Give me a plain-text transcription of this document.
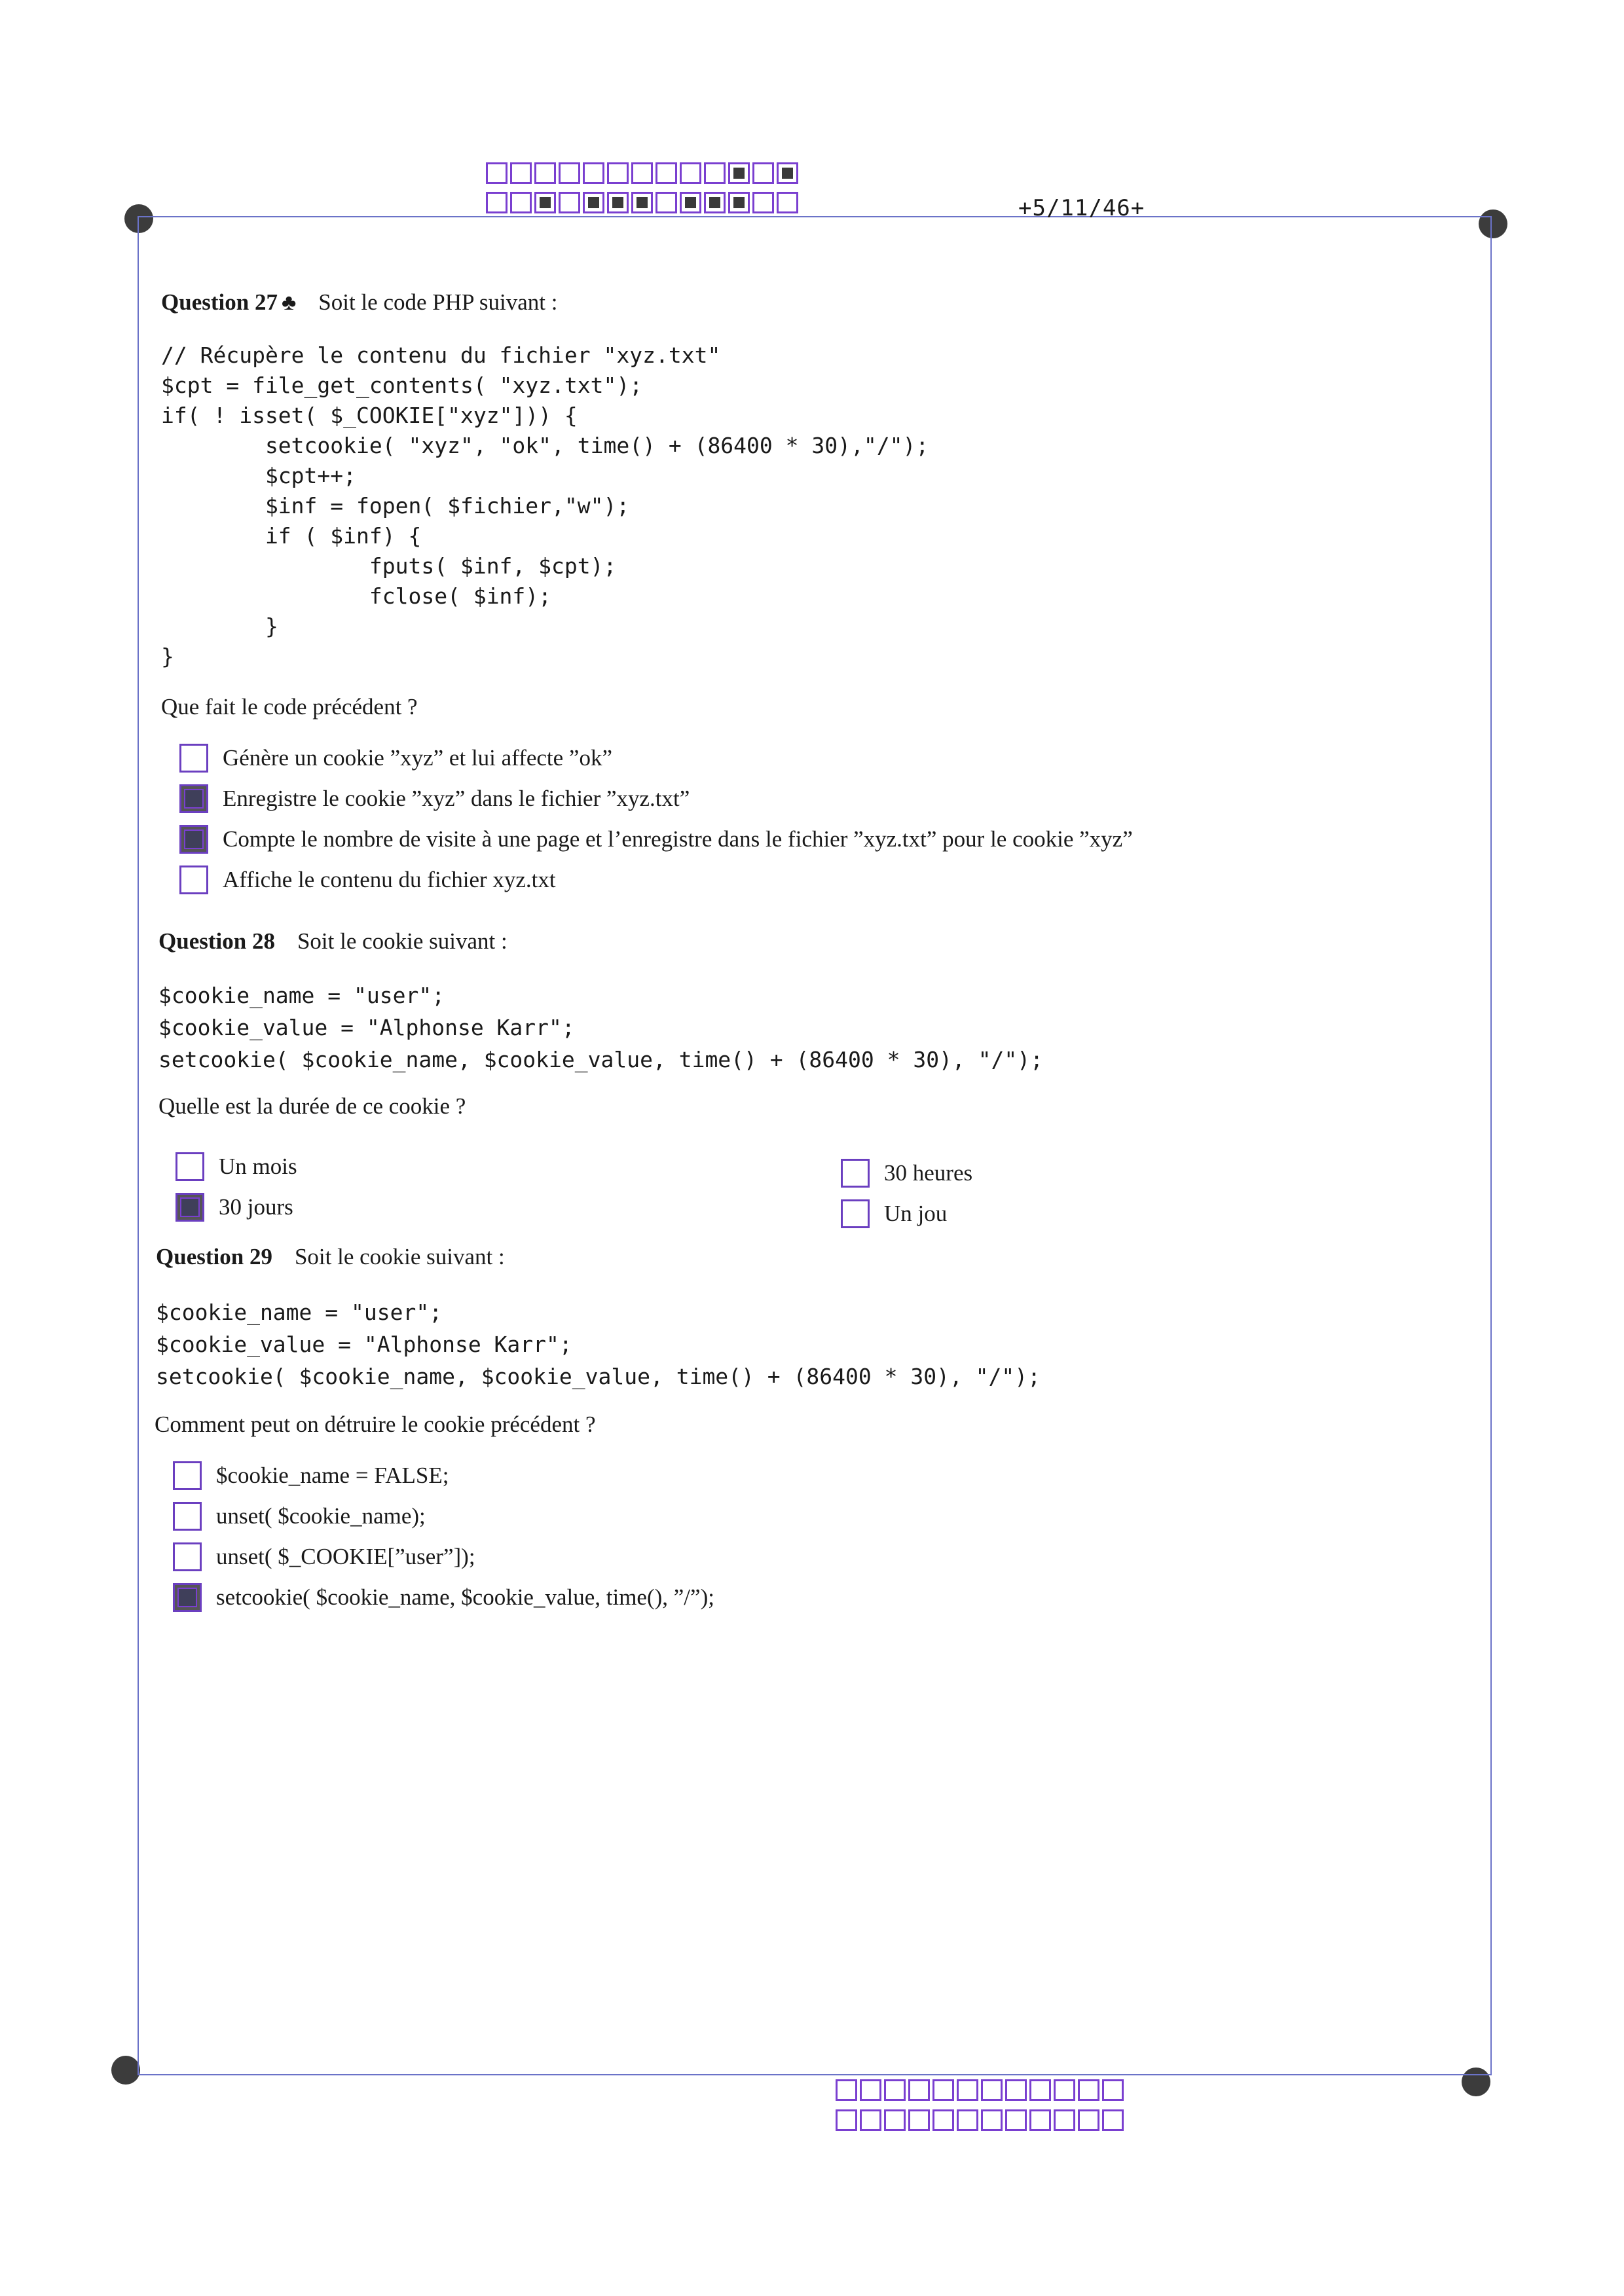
+5/11/46+
Question 27 ♣ Soit le code PHP suivant :
// Récupère le contenu du fichier "xyz.txt"
$cpt = file_get_contents( "xyz.txt");
if( ! isset( $_COOKIE["xyz"])) {
setcookie( "xyz", "ok", time() + (86400 * 30),"/");
$cpt++;
$inf = fopen( $fichier,"w");
if ( $inf) {
fputs( $inf, $cpt);
fclose( $inf);
}
}
Que fait le code précédent ?
Génère un cookie ”xyz” et lui affecte ”ok”
Enregistre le cookie ”xyz” dans le fichier ”xyz.txt”
Compte le nombre de visite à une page et l’enregistre dans le fichier ”xyz.txt” pour le cookie ”xyz”
Affiche le contenu du fichier xyz.txt
Question 28 Soit le cookie suivant :
$cookie_name = "user";
$cookie_value = "Alphonse Karr";
setcookie( $cookie_name, $cookie_value, time() + (86400 * 30), "/");
Quelle est la durée de ce cookie ?
Un mois
30 jours
30 heures
Un jou
Question 29 Soit le cookie suivant :
$cookie_name = "user";
$cookie_value = "Alphonse Karr";
setcookie( $cookie_name, $cookie_value, time() + (86400 * 30), "/");
Comment peut on détruire le cookie précédent ?
$cookie_name = FALSE;
unset( $cookie_name);
unset( $_COOKIE[”user”]);
setcookie( $cookie_name, $cookie_value, time(), ”/”);
